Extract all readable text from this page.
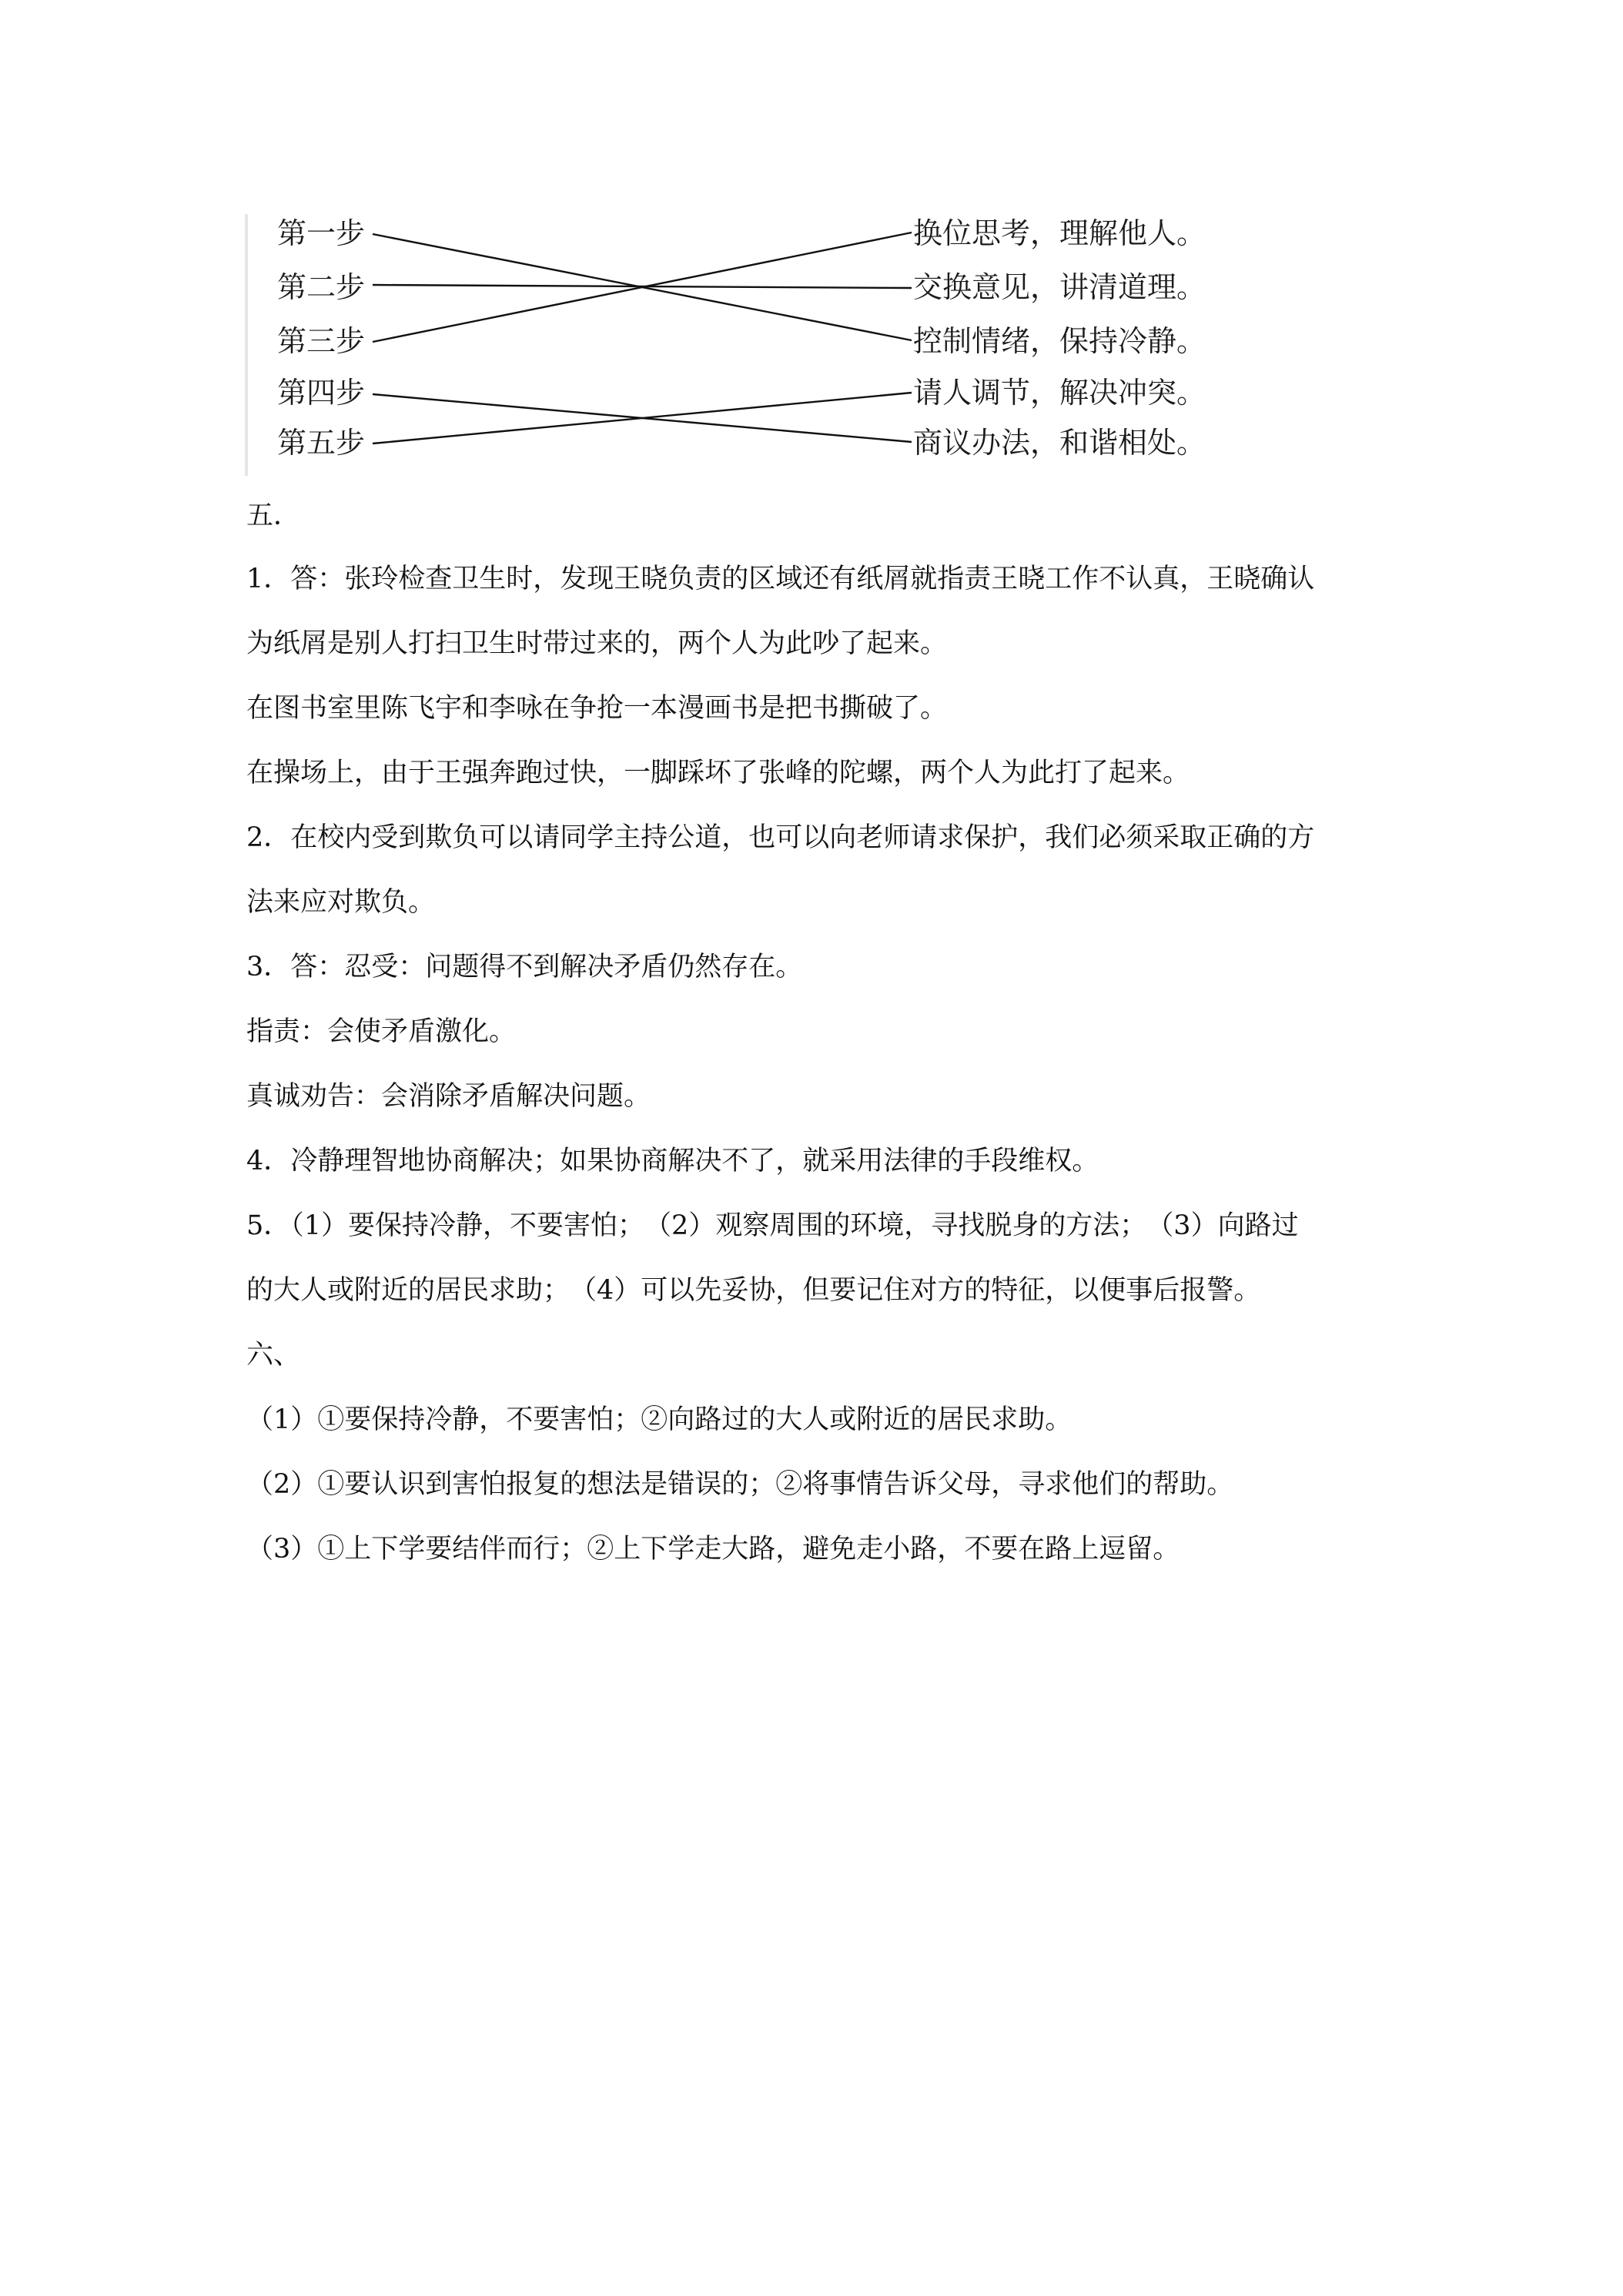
第一步
第二步
第三步
第四步
第五步
换位思考，理解他人。
交换意见，讲清道理。
控制情绪，保持冷静。
请人调节，解决冲突。
商议办法，和谐相处。

五．

1．答：张玲检查卫生时，发现王晓负责的区域还有纸屑就指责王晓工作不认真，王晓确认

为纸屑是别人打扫卫生时带过来的，两个人为此吵了起来。

在图书室里陈飞宇和李咏在争抢一本漫画书是把书撕破了。

在操场上，由于王强奔跑过快，一脚踩坏了张峰的陀螺，两个人为此打了起来。

2．在校内受到欺负可以请同学主持公道，也可以向老师请求保护，我们必须采取正确的方

法来应对欺负。

3．答：忍受：问题得不到解决矛盾仍然存在。

指责：会使矛盾激化。

真诚劝告：会消除矛盾解决问题。

4．冷静理智地协商解决；如果协商解决不了，就采用法律的手段维权。

5．（1）要保持冷静，不要害怕；　（2）观察周围的环境，寻找脱身的方法；　（3）向路过

的大人或附近的居民求助；　（4）可以先妥协，但要记住对方的特征，以便事后报警。

六、

（1）①要保持冷静，不要害怕；②向路过的大人或附近的居民求助。

（2）①要认识到害怕报复的想法是错误的；②将事情告诉父母，寻求他们的帮助。

（3）①上下学要结伴而行；②上下学走大路，避免走小路，不要在路上逗留。
